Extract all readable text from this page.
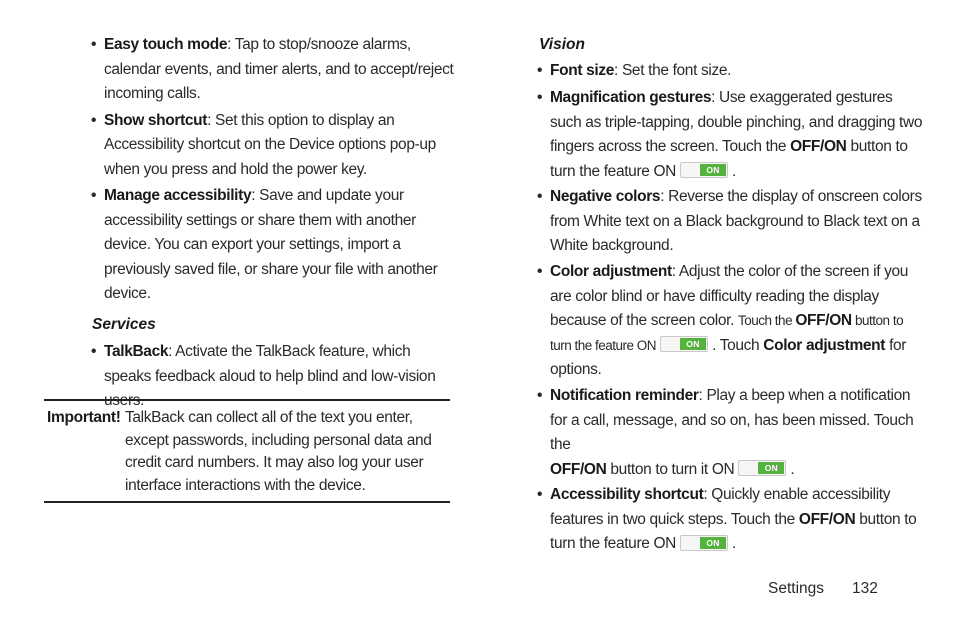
• Easy touch mode: Tap to stop/snooze alarms, calendar events, and timer alerts, and to accept/reject incoming calls.
• Show shortcut: Set this option to display an Accessibility shortcut on the Device options pop-up when you press and hold the power key.
• Manage accessibility: Save and update your accessibility settings or share them with another device. You can export your settings, import a previously saved file, or share your file with another device.
Services
• TalkBack: Activate the TalkBack feature, which speaks feedback aloud to help blind and low-vision users.
Important! TalkBack can collect all of the text you enter, except passwords, including personal data and credit card numbers. It may also log your user interface interactions with the device.
Vision
• Font size: Set the font size.
• Magnification gestures: Use exaggerated gestures such as triple-tapping, double pinching, and dragging two fingers across the screen. Touch the OFF/ON button to turn the feature ON	ON .
• Negative colors: Reverse the display of onscreen colors from White text on a Black background to Black text on a White background.
• Color adjustment: Adjust the color of the screen if you are color blind or have difficulty reading the display because of the screen color. Touch the OFF/ON button to turn the feature ON	ON . Touch Color adjustment for options.
• Notification reminder: Play a beep when a notification for a call, message, and so on, has been missed. Touch the
OFF/ON button to turn it ON	ON .
• Accessibility shortcut: Quickly enable accessibility features in two quick steps. Touch the OFF/ON button to turn the feature ON	ON .
Settings 132
